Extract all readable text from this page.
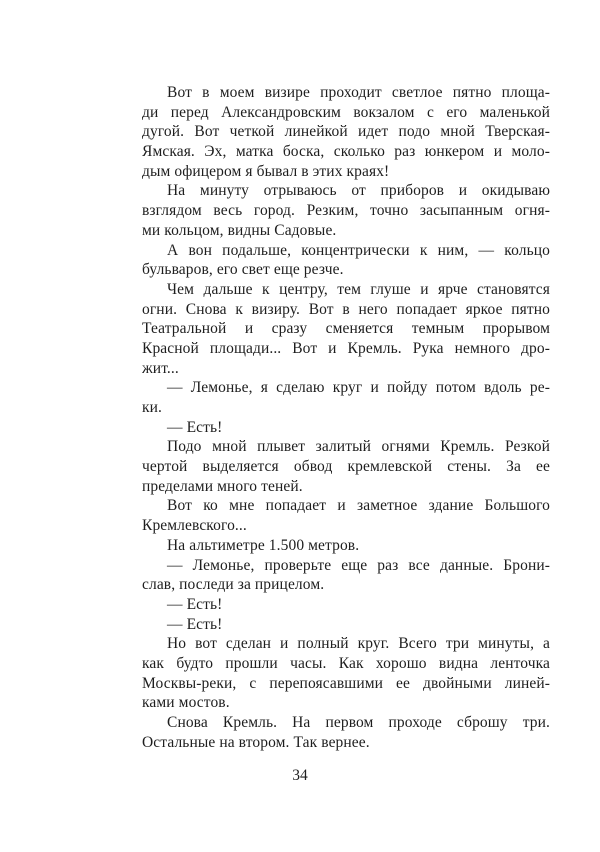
Вот в моем визире проходит светлое пятно площа-
ди перед Александровским вокзалом с его маленькой
дугой. Вот четкой линейкой идет подо мной Тверская-
Ямская. Эх, матка боска, сколько раз юнкером и моло-
дым офицером я бывал в этих краях!
На минуту отрываюсь от приборов и окидываю
взглядом весь город. Резким, точно засыпанным огня-
ми кольцом, видны Садовые.
А вон подальше, концентрически к ним, — кольцо
бульваров, его свет еще резче.
Чем дальше к центру, тем глуше и ярче становятся
огни. Снова к визиру. Вот в него попадает яркое пятно
Театральной и сразу сменяется темным прорывом
Красной площади... Вот и Кремль. Рука немного дро-
жит...
— Лемонье, я сделаю круг и пойду потом вдоль ре-
ки.
— Есть!
Подо мной плывет залитый огнями Кремль. Резкой
чертой выделяется обвод кремлевской стены. За ее
пределами много теней.
Вот ко мне попадает и заметное здание Большого
Кремлевского...
На альтиметре 1.500 метров.
— Лемонье, проверьте еще раз все данные. Брони-
слав, последи за прицелом.
— Есть!
— Есть!
Но вот сделан и полный круг. Всего три минуты, а
как будто прошли часы. Как хорошо видна ленточка
Москвы-реки, с перепоясавшими ее двойными линей-
ками мостов.
Снова Кремль. На первом проходе сброшу три.
Остальные на втором. Так вернее.
34
